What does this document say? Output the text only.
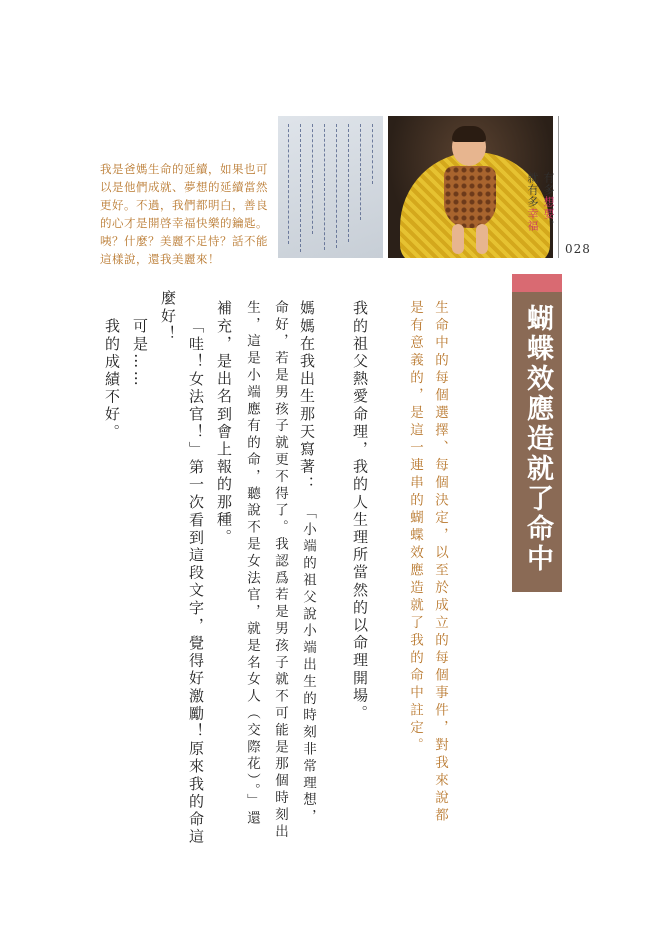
我是爸媽生命的延續，如果也可
以是他們成就、夢想的延續當然
更好。不過，我們都明白，善良
的心才是開啓幸福快樂的鑰匙。
咦？什麼？美麗不足恃？話不能
這樣說，還我美麗來！
有多想要，
就有多幸福
028
蝴蝶效應造就了命中註定
生命中的每個選擇、每個決定，以至於成立的每個事件，對我來說都
是有意義的，是這一連串的蝴蝶效應造就了我的命中註定。
我的祖父熱愛命理，我的人生理所當然的以命理開場。
媽媽在我出生那天寫著：
「小端的祖父說小端出生的時刻非常理想，
命好，若是男孩子就更不得了。我認爲若是男孩子就不可能是那個時刻出
生，這是小端應有的命，聽說不是女法官，就是名女人（交際花）。」還
補充，是出名到會上報的那種。
「哇！女法官！」第一次看到這段文字，覺得好激勵！原來我的命這
麼好！
可是……
我的成績不好。
